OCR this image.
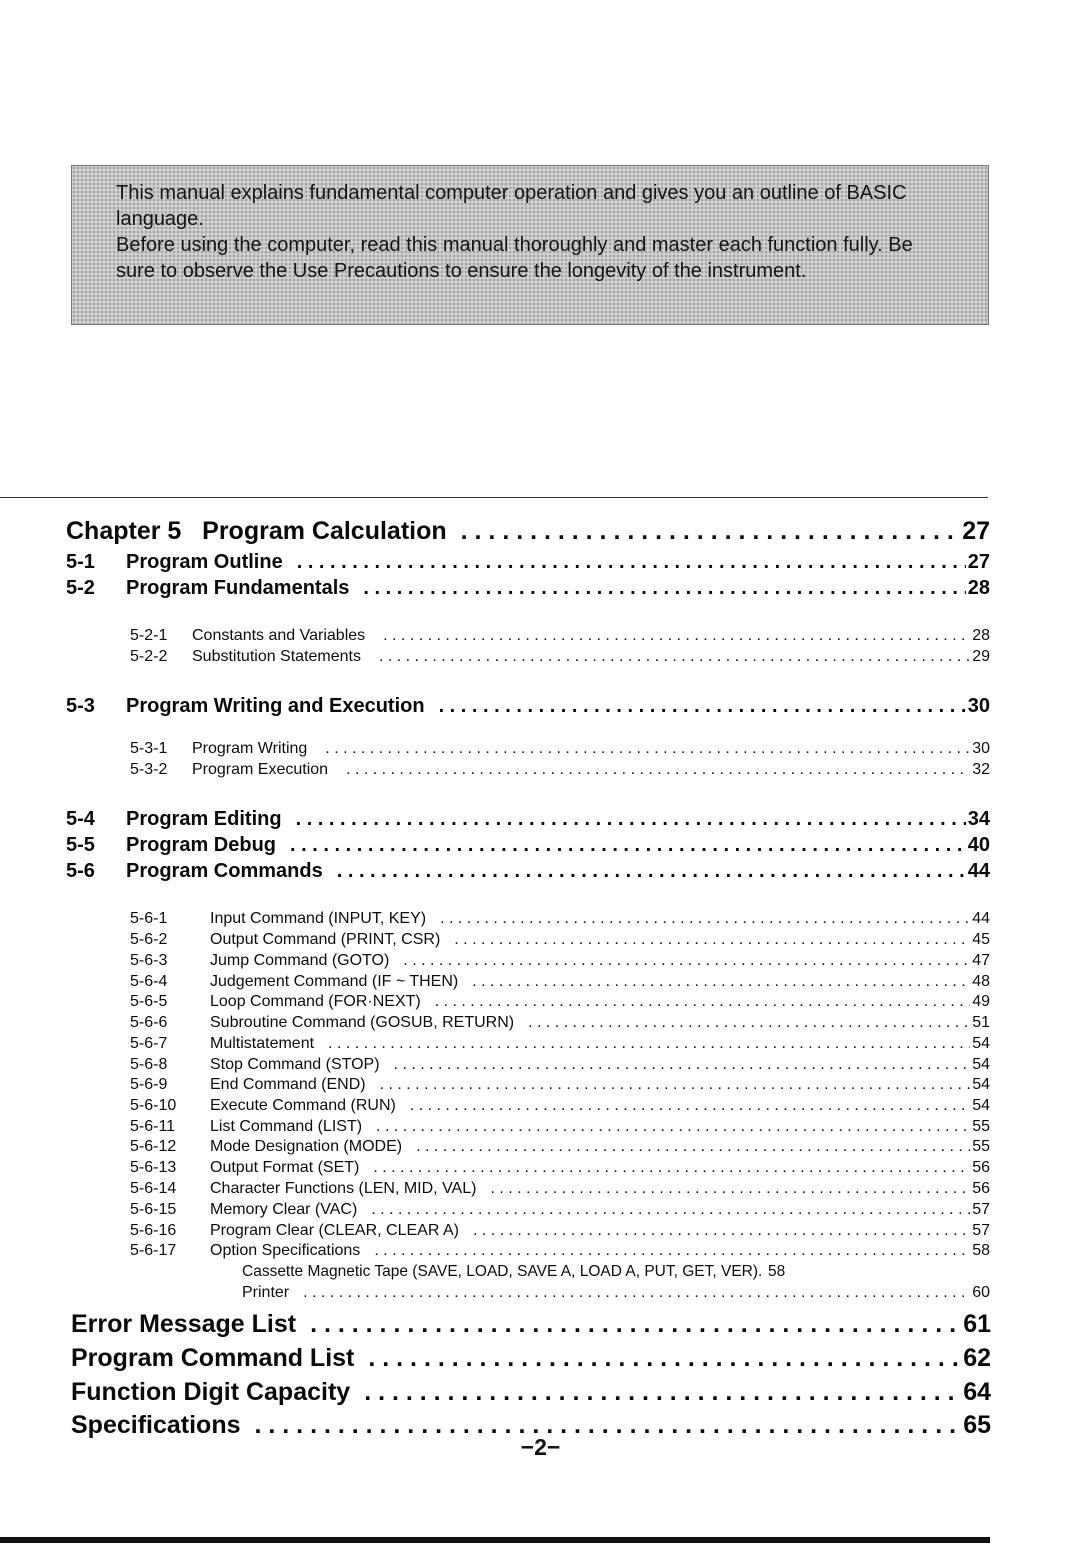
This manual explains fundamental computer operation and gives you an outline of BASIC language.

Before using the computer, read this manual thoroughly and master each function fully. Be sure to observe the Use Precautions to ensure the longevity of the instrument.

Chapter 5   Program Calculation . . .	27
5-1	Program Outline . . .	27
5-2	Program Fundamentals . . .	28
5-2-1	Constants and Variables . . .	28
5-2-2	Substitution Statements . . .	29
5-3	Program Writing and Execution . . .	30
5-3-1	Program Writing . . .	30
5-3-2	Program Execution . . .	32
5-4	Program Editing . . .	34
5-5	Program Debug . . .	40
5-6	Program Commands . . .	44
5-6-1	Input Command (INPUT, KEY) . . .	44
5-6-2	Output Command (PRINT, CSR) . . .	45
5-6-3	Jump Command (GOTO) . . .	47
5-6-4	Judgement Command (IF ~ THEN) . . .	48
5-6-5	Loop Command (FOR·NEXT) . . .	49
5-6-6	Subroutine Command (GOSUB, RETURN) . . .	51
5-6-7	Multistatement . . .	54
5-6-8	Stop Command (STOP) . . .	54
5-6-9	End Command (END) . . .	54
5-6-10	Execute Command (RUN) . . .	54
5-6-11	List Command (LIST) . . .	55
5-6-12	Mode Designation (MODE) . . .	55
5-6-13	Output Format (SET) . . .	56
5-6-14	Character Functions (LEN, MID, VAL) . . .	56
5-6-15	Memory Clear (VAC) . . .	57
5-6-16	Program Clear (CLEAR, CLEAR A) . . .	57
5-6-17	Option Specifications . . .	58
Cassette Magnetic Tape (SAVE, LOAD, SAVE A, LOAD A, PUT, GET, VER) . . . 58
Printer . . .	60
Error Message List . . .	61
Program Command List . . .	62
Function Digit Capacity . . .	64
Specifications . . .	65
−2−
